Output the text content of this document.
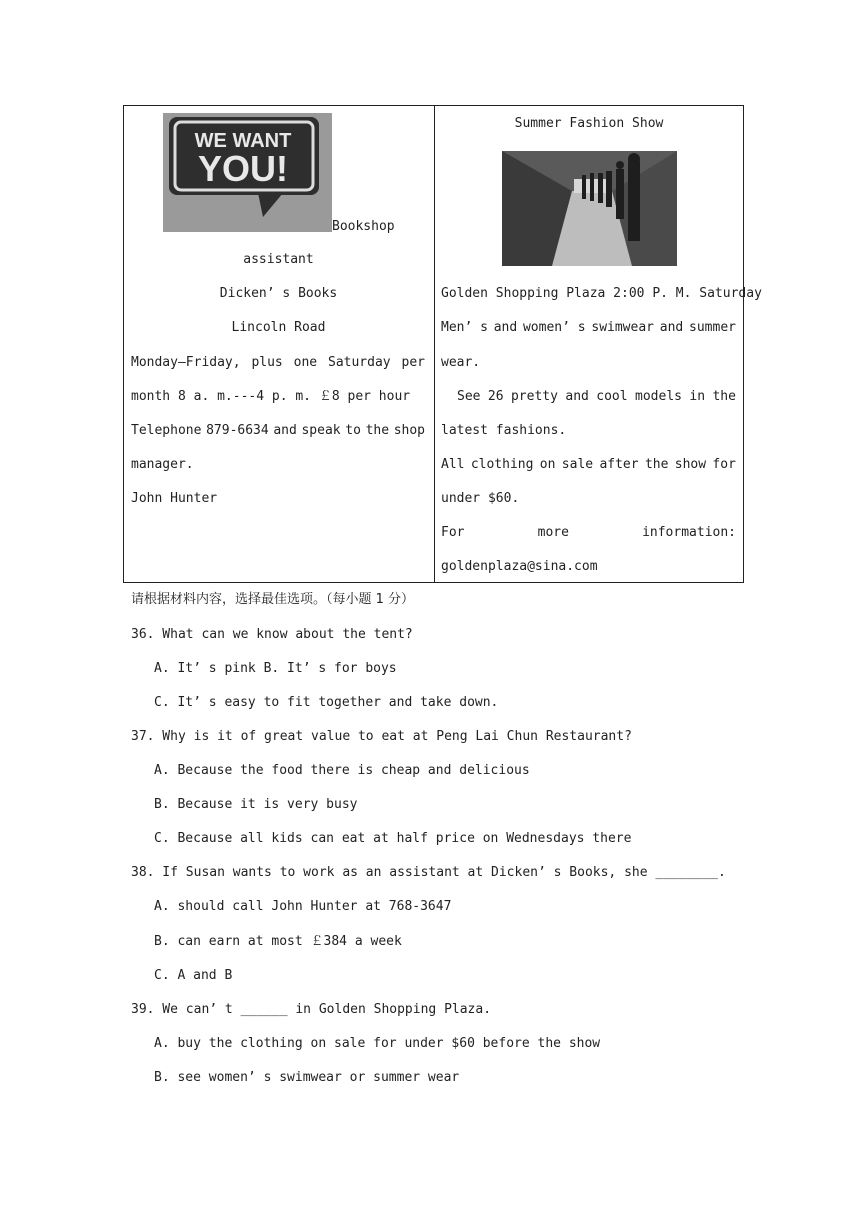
WE WANT
YOU!
Bookshop
assistant
Dicken’ s Books
Lincoln Road
Monday—Friday, plus one Saturday per
month 8 a. m.---4 p. m. ￡8 per hour
Telephone 879-6634 and speak to the shop
manager.
John Hunter
Summer Fashion Show
Golden Shopping Plaza 2:00 P. M. Saturday
Men’ s and women’ s swimwear and summer
wear.
See 26 pretty and cool models in the
latest fashions.
All clothing on sale after the show for
under $60.
For	more	information:
goldenplaza@sina.com
请根据材料内容，选择最佳选项。（每小题 1 分）
36. What can we know about the tent?
A. It’ s pink B. It’ s for boys
C. It’ s easy to fit together and take down.
37. Why is it of great value to eat at Peng Lai Chun Restaurant?
A. Because the food there is cheap and delicious
B. Because it is very busy
C. Because all kids can eat at half price on Wednesdays there
38. If Susan wants to work as an assistant at Dicken’ s Books, she ________.
A. should call John Hunter at 768-3647
B. can earn at most ￡384 a week
C. A and B
39. We can’ t ______ in Golden Shopping Plaza.
A. buy the clothing on sale for under $60 before the show
B. see women’ s swimwear or summer wear
